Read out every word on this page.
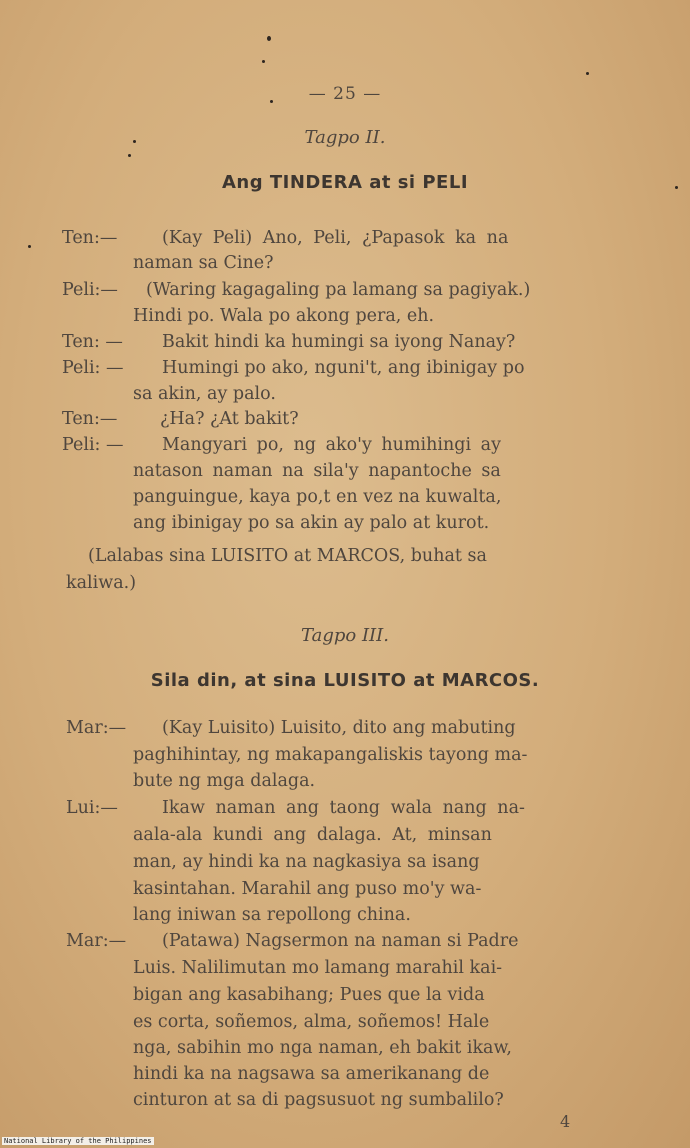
— 25 —
Tagpo II.
Ang TINDERA at si PELI
Ten:—	(Kay Peli) Ano, Peli, ¿Papasok ka na
naman sa Cine?
Peli:— (Waring kagagaling pa lamang sa pagiyak.)
Hindi po. Wala po akong pera, eh.
Ten: — Bakit hindi ka humingi sa iyong Nanay?
Peli: — Humingi po ako, nguni't, ang ibinigay po
sa akin, ay palo.
Ten:— ¿Ha? ¿At bakit?
Peli: — Mangyari po, ng ako'y humihingi ay
natason naman na sila'y napantoche sa
panguingue, kaya po,t en vez na kuwalta,
ang ibinigay po sa akin ay palo at kurot.
(Lalabas sina LUISITO at MARCOS, buhat sa
kaliwa.)
Tagpo III.
Sila din, at sina LUISITO at MARCOS.
Mar:— (Kay Luisito) Luisito, dito ang mabuting
paghihintay, ng makapangaliskis tayong ma-
bute ng mga dalaga.
Lui:—	Ikaw naman ang taong wala nang na-
aala-ala kundi ang dalaga. At, minsan
man, ay hindi ka na nagkasiya sa isang
kasintahan. Marahil ang puso mo'y wa-
lang iniwan sa repollong china.
Mar:— (Patawa) Nagsermon na naman si Padre
Luis. Nalilimutan mo lamang marahil kai-
bigan ang kasabihang; Pues que la vida
es corta, soñemos, alma, soñemos! Hale
nga, sabihin mo nga naman, eh bakit ikaw,
hindi ka na nagsawa sa amerikanang de
cinturon at sa di pagsusuot ng sumbalilo?
4
National Library of the Philippines
